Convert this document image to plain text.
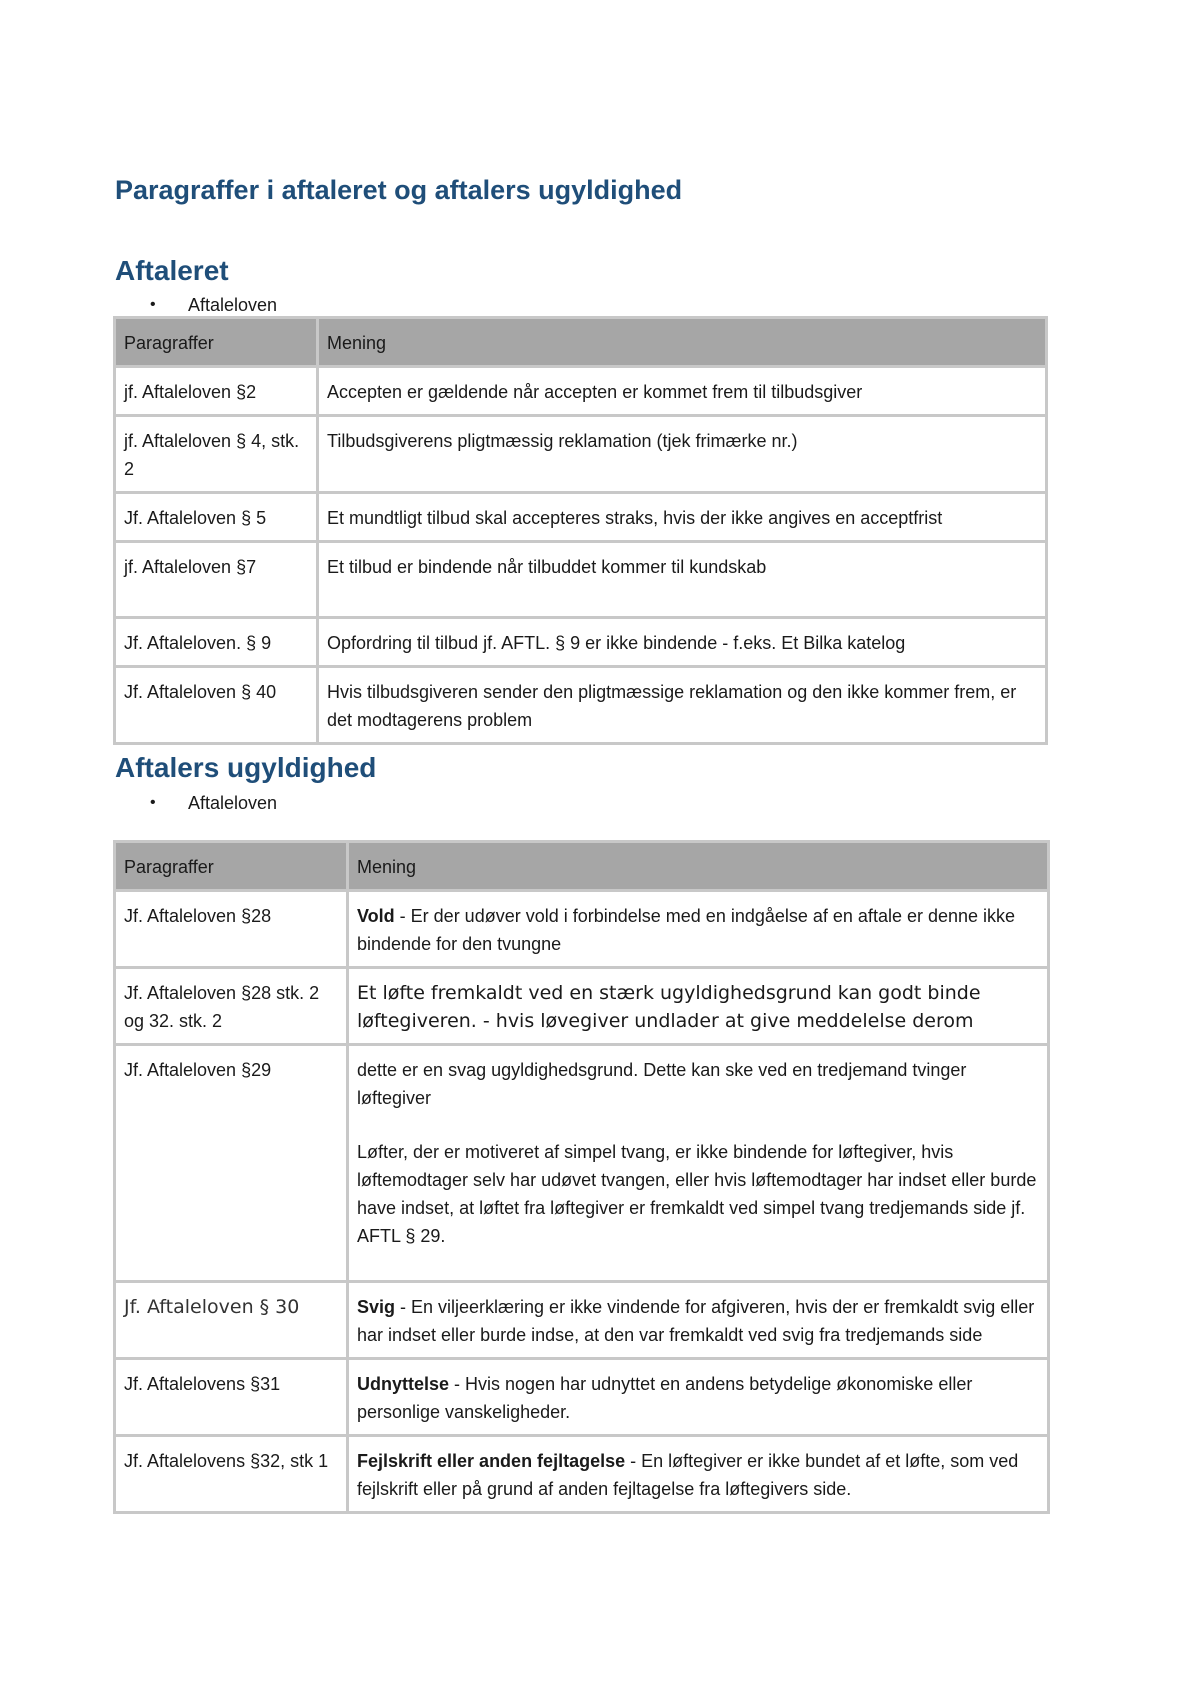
Paragraffer i aftaleret og aftalers ugyldighed
Aftaleret
• Aftaleloven
Paragraffer	Mening
jf. Aftaleloven §2	Accepten er gældende når accepten er kommet frem til tilbudsgiver
jf. Aftaleloven § 4, stk. 2	Tilbudsgiverens pligtmæssig reklamation (tjek frimærke nr.)
Jf. Aftaleloven § 5	Et mundtligt tilbud skal accepteres straks, hvis der ikke angives en acceptfrist
jf. Aftaleloven §7	Et tilbud er bindende når tilbuddet kommer til kundskab
Jf. Aftaleloven. § 9	Opfordring til tilbud jf. AFTL. § 9 er ikke bindende - f.eks. Et Bilka katelog
Jf. Aftaleloven § 40	Hvis tilbudsgiveren sender den pligtmæssige reklamation og den ikke kommer frem, er det modtagerens problem
Aftalers ugyldighed
• Aftaleloven
Paragraffer	Mening
Jf. Aftaleloven §28	Vold - Er der udøver vold i forbindelse med en indgåelse af en aftale er denne ikke bindende for den tvungne
Jf. Aftaleloven §28 stk. 2 og 32. stk. 2	Et løfte fremkaldt ved en stærk ugyldighedsgrund kan godt binde løftegiveren. - hvis løvegiver undlader at give meddelelse derom
Jf. Aftaleloven §29	dette er en svag ugyldighedsgrund. Dette kan ske ved en tredjemand tvinger løftegiver

Løfter, der er motiveret af simpel tvang, er ikke bindende for løftegiver, hvis løftemodtager selv har udøvet tvangen, eller hvis løftemodtager har indset eller burde have indset, at løftet fra løftegiver er fremkaldt ved simpel tvang tredjemands side jf. AFTL § 29.

Jf. Aftaleloven § 30	Svig - En viljeerklæring er ikke vindende for afgiveren, hvis der er fremkaldt svig eller har indset eller burde indse, at den var fremkaldt ved svig fra tredjemands side
Jf. Aftalelovens §31	Udnyttelse - Hvis nogen har udnyttet en andens betydelige økonomiske eller personlige vanskeligheder.
Jf. Aftalelovens §32, stk 1	Fejlskrift eller anden fejltagelse - En løftegiver er ikke bundet af et løfte, som ved fejlskrift eller på grund af anden fejltagelse fra løftegivers side.
